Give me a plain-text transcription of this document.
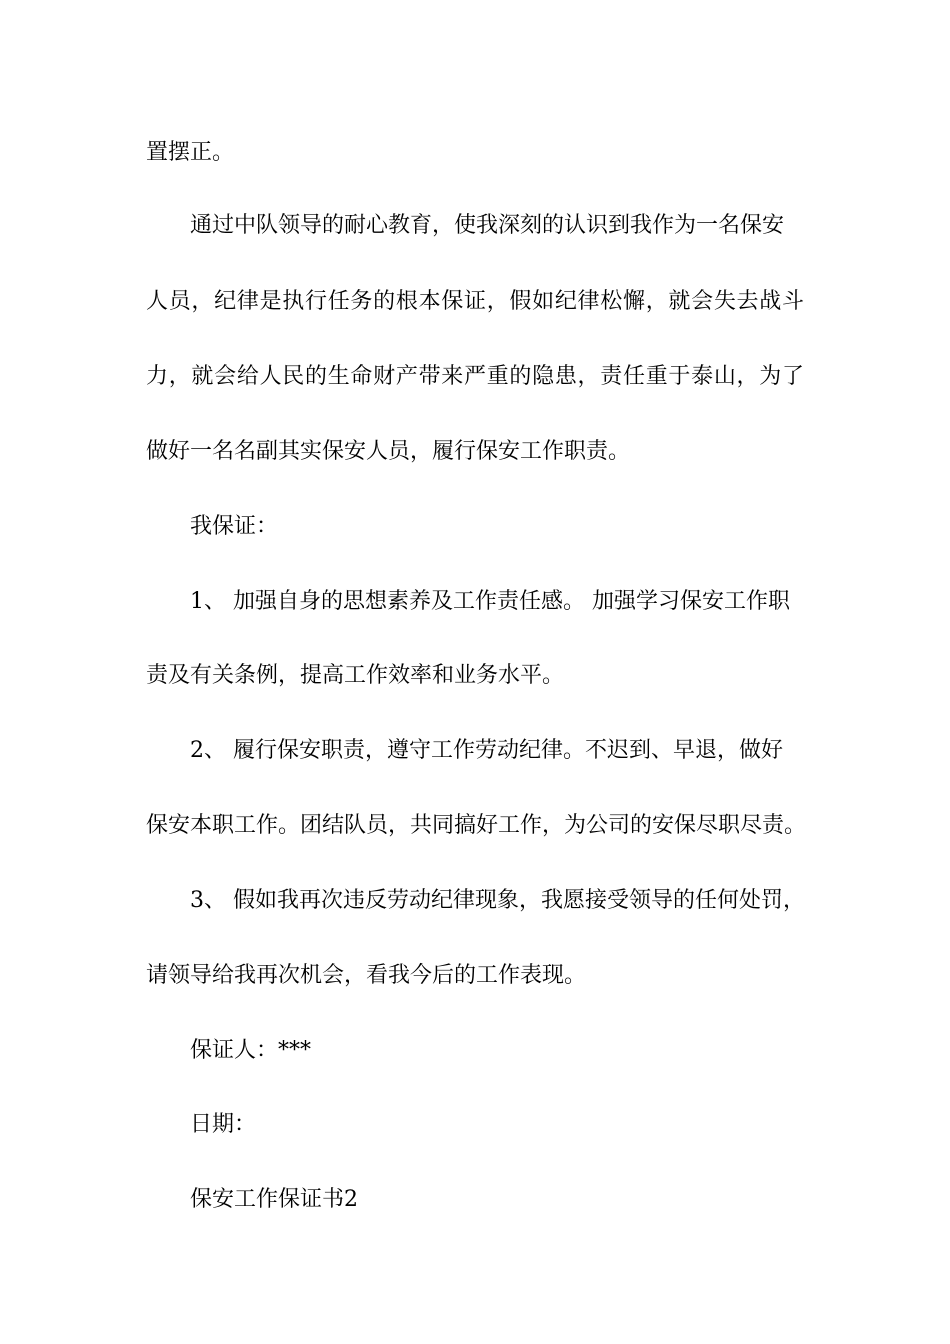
置摆正。

通过中队领导的耐心教育，使我深刻的认识到我作为一名保安

人员，纪律是执行任务的根本保证，假如纪律松懈，就会失去战斗

力，就会给人民的生命财产带来严重的隐患，责任重于泰山，为了

做好一名名副其实保安人员，履行保安工作职责。

我保证：

1、 加强自身的思想素养及工作责任感。 加强学习保安工作职

责及有关条例，提高工作效率和业务水平。

2、 履行保安职责，遵守工作劳动纪律。不迟到、早退，做好

保安本职工作。团结队员，共同搞好工作，为公司的安保尽职尽责。

3、 假如我再次违反劳动纪律现象，我愿接受领导的任何处罚，

请领导给我再次机会，看我今后的工作表现。

保证人：***

日期：

保安工作保证书2
